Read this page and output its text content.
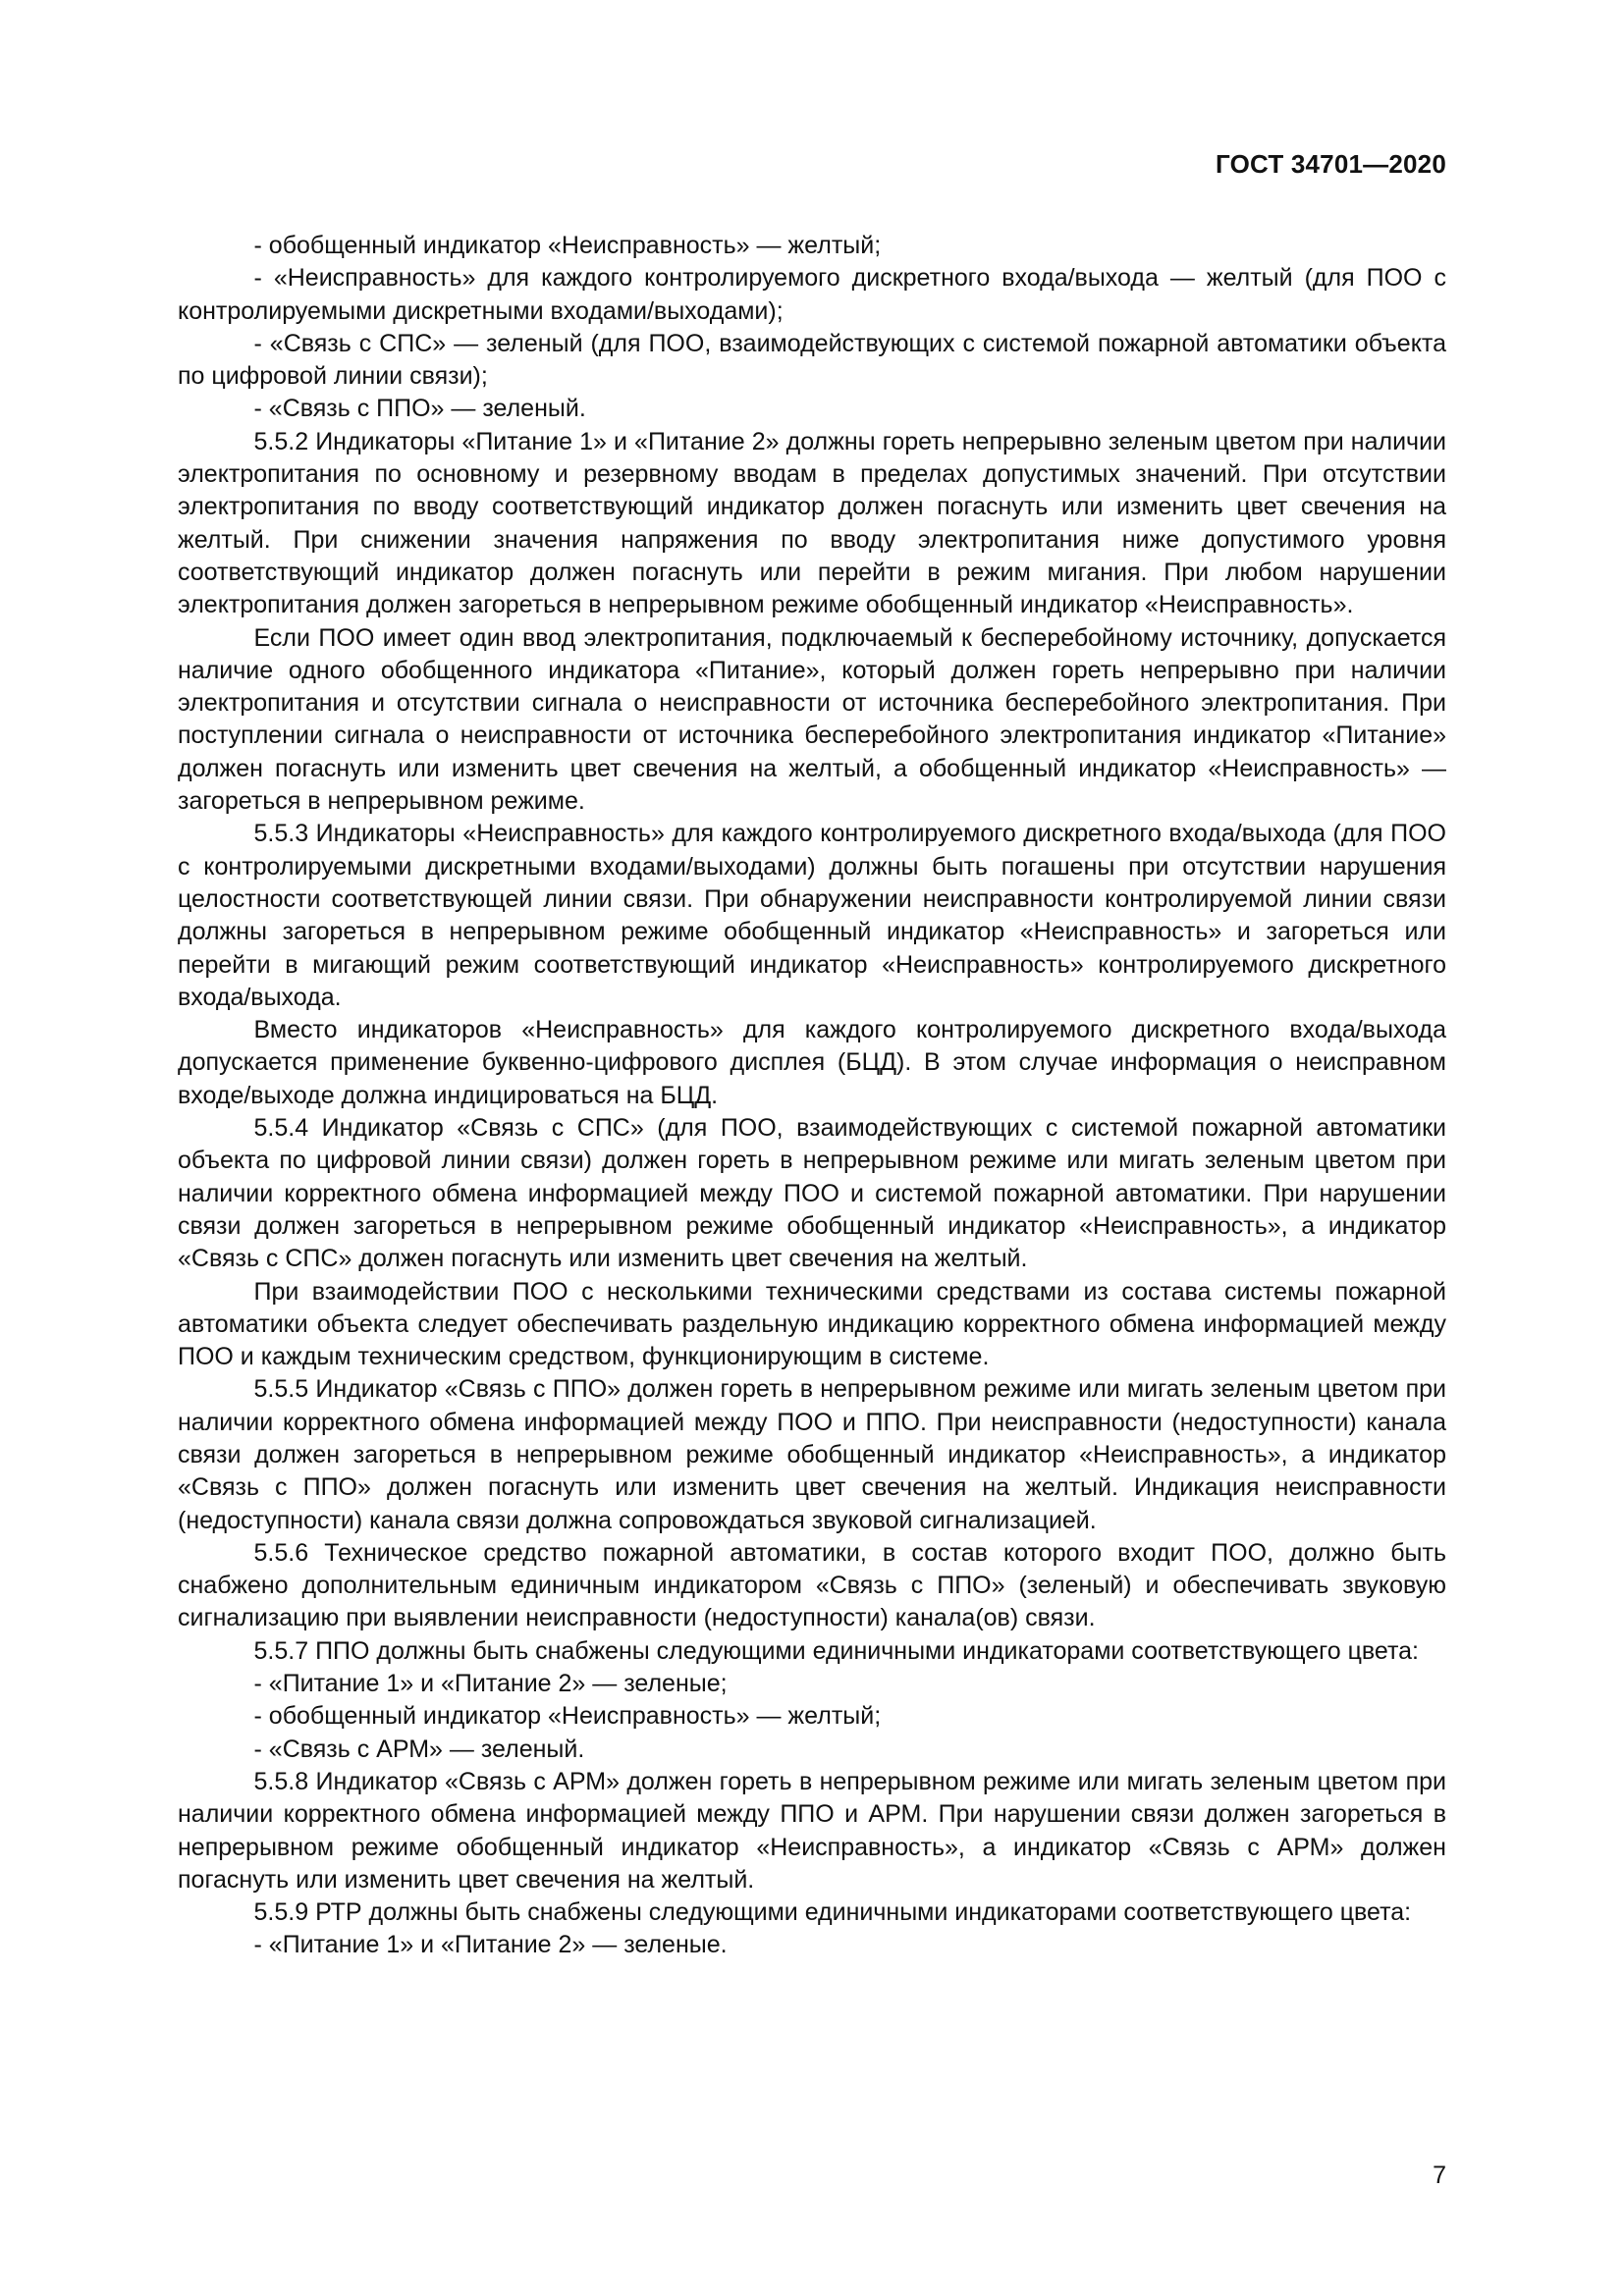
ГОСТ 34701—2020

- обобщенный индикатор «Неисправность» — желтый;

- «Неисправность» для каждого контролируемого дискретного входа/выхода — желтый (для ПОО с контролируемыми дискретными входами/выходами);

- «Связь с СПС» — зеленый (для ПОО, взаимодействующих с системой пожарной автоматики объекта по цифровой линии связи);

- «Связь с ППО» — зеленый.

5.5.2 Индикаторы «Питание 1» и «Питание 2» должны гореть непрерывно зеленым цветом при наличии электропитания по основному и резервному вводам в пределах допустимых значений. При отсутствии электропитания по вводу соответствующий индикатор должен погаснуть или изменить цвет свечения на желтый. При снижении значения напряжения по вводу электропитания ниже допустимого уровня соответствующий индикатор должен погаснуть или перейти в режим мигания. При любом нарушении электропитания должен загореться в непрерывном режиме обобщенный индикатор «Неисправность».

Если ПОО имеет один ввод электропитания, подключаемый к бесперебойному источнику, допускается наличие одного обобщенного индикатора «Питание», который должен гореть непрерывно при наличии электропитания и отсутствии сигнала о неисправности от источника бесперебойного электропитания. При поступлении сигнала о неисправности от источника бесперебойного электропитания индикатор «Питание» должен погаснуть или изменить цвет свечения на желтый, а обобщенный индикатор «Неисправность» — загореться в непрерывном режиме.

5.5.3 Индикаторы «Неисправность» для каждого контролируемого дискретного входа/выхода (для ПОО с контролируемыми дискретными входами/выходами) должны быть погашены при отсутствии нарушения целостности соответствующей линии связи. При обнаружении неисправности контролируемой линии связи должны загореться в непрерывном режиме обобщенный индикатор «Неисправность» и загореться или перейти в мигающий режим соответствующий индикатор «Неисправность» контролируемого дискретного входа/выхода.

Вместо индикаторов «Неисправность» для каждого контролируемого дискретного входа/выхода допускается применение буквенно-цифрового дисплея (БЦД). В этом случае информация о неисправном входе/выходе должна индицироваться на БЦД.

5.5.4 Индикатор «Связь с СПС» (для ПОО, взаимодействующих с системой пожарной автоматики объекта по цифровой линии связи) должен гореть в непрерывном режиме или мигать зеленым цветом при наличии корректного обмена информацией между ПОО и системой пожарной автоматики. При нарушении связи должен загореться в непрерывном режиме обобщенный индикатор «Неисправность», а индикатор «Связь с СПС» должен погаснуть или изменить цвет свечения на желтый.

При взаимодействии ПОО с несколькими техническими средствами из состава системы пожарной автоматики объекта следует обеспечивать раздельную индикацию корректного обмена информацией между ПОО и каждым техническим средством, функционирующим в системе.

5.5.5 Индикатор «Связь с ППО» должен гореть в непрерывном режиме или мигать зеленым цветом при наличии корректного обмена информацией между ПОО и ППО. При неисправности (недоступности) канала связи должен загореться в непрерывном режиме обобщенный индикатор «Неисправность», а индикатор «Связь с ППО» должен погаснуть или изменить цвет свечения на желтый. Индикация неисправности (недоступности) канала связи должна сопровождаться звуковой сигнализацией.

5.5.6 Техническое средство пожарной автоматики, в состав которого входит ПОО, должно быть снабжено дополнительным единичным индикатором «Связь с ППО» (зеленый) и обеспечивать звуковую сигнализацию при выявлении неисправности (недоступности) канала(ов) связи.

5.5.7 ППО должны быть снабжены следующими единичными индикаторами соответствующего цвета:

- «Питание 1» и «Питание 2» — зеленые;

- обобщенный индикатор «Неисправность» — желтый;

- «Связь с АРМ» — зеленый.

5.5.8 Индикатор «Связь с АРМ» должен гореть в непрерывном режиме или мигать зеленым цветом при наличии корректного обмена информацией между ППО и АРМ. При нарушении связи должен загореться в непрерывном режиме обобщенный индикатор «Неисправность», а индикатор «Связь с АРМ» должен погаснуть или изменить цвет свечения на желтый.

5.5.9 РТР должны быть снабжены следующими единичными индикаторами соответствующего цвета:

- «Питание 1» и «Питание 2» — зеленые.

7
